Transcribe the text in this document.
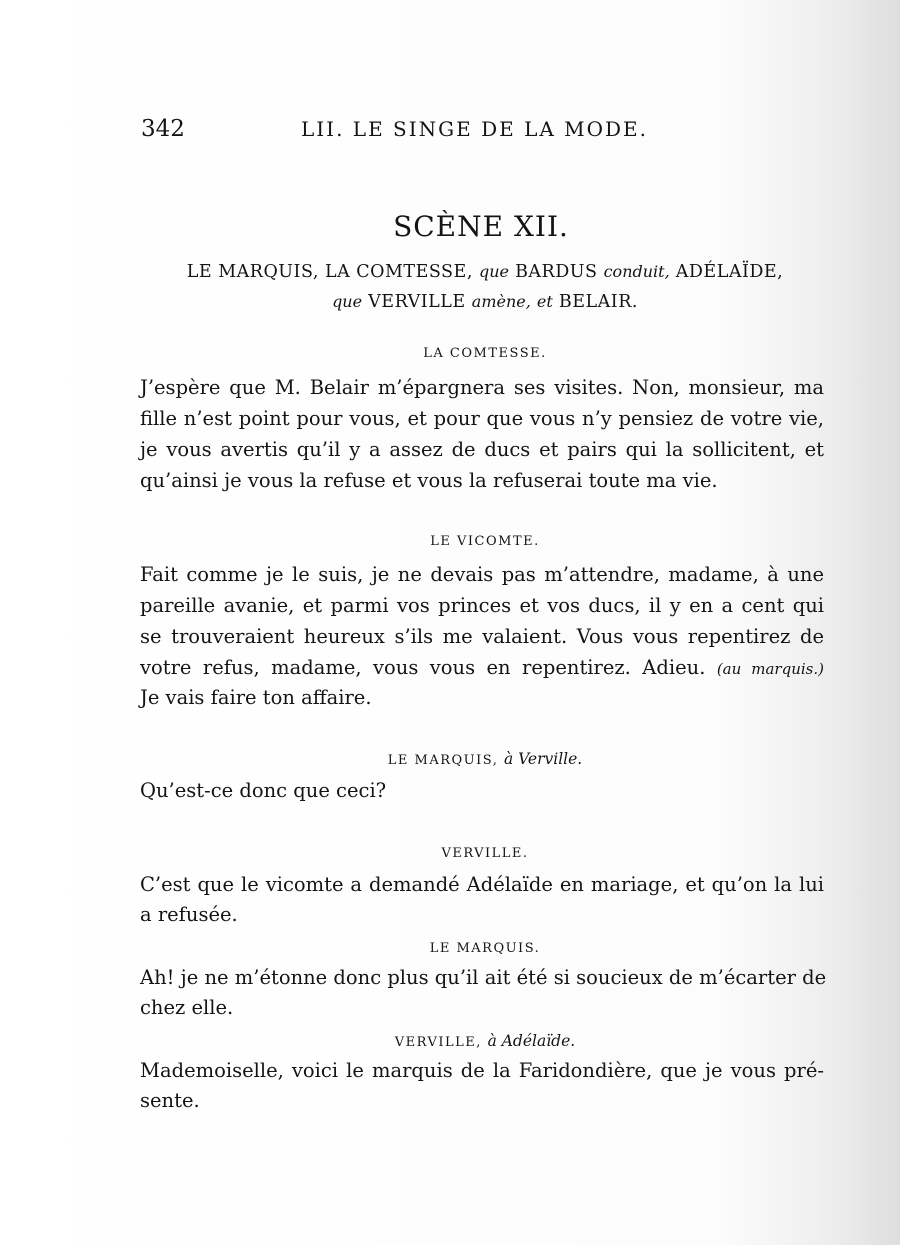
342	LII. LE SINGE DE LA MODE.
SCÈNE XII.
LE MARQUIS, LA COMTESSE, que BARDUS conduit, ADÉLAÏDE,
que VERVILLE amène, et BELAIR.
LA COMTESSE.
J’espère que M. Belair m’épargnera ses visites. Non, monsieur, ma
fille n’est point pour vous, et pour que vous n’y pensiez de votre vie,
je vous avertis qu’il y a assez de ducs et pairs qui la sollicitent, et
qu’ainsi je vous la refuse et vous la refuserai toute ma vie.
LE VICOMTE.
Fait comme je le suis, je ne devais pas m’attendre, madame, à une
pareille avanie, et parmi vos princes et vos ducs, il y en a cent qui
se trouveraient heureux s’ils me valaient. Vous vous repentirez de
votre refus, madame, vous vous en repentirez. Adieu. (au marquis.)
Je vais faire ton affaire.
LE MARQUIS, à Verville.
Qu’est-ce donc que ceci?
VERVILLE.
C’est que le vicomte a demandé Adélaïde en mariage, et qu’on la lui
a refusée.
LE MARQUIS.
Ah! je ne m’étonne donc plus qu’il ait été si soucieux de m’écarter de
chez elle.
VERVILLE, à Adélaïde.
Mademoiselle, voici le marquis de la Faridondière, que je vous pré-
sente.
